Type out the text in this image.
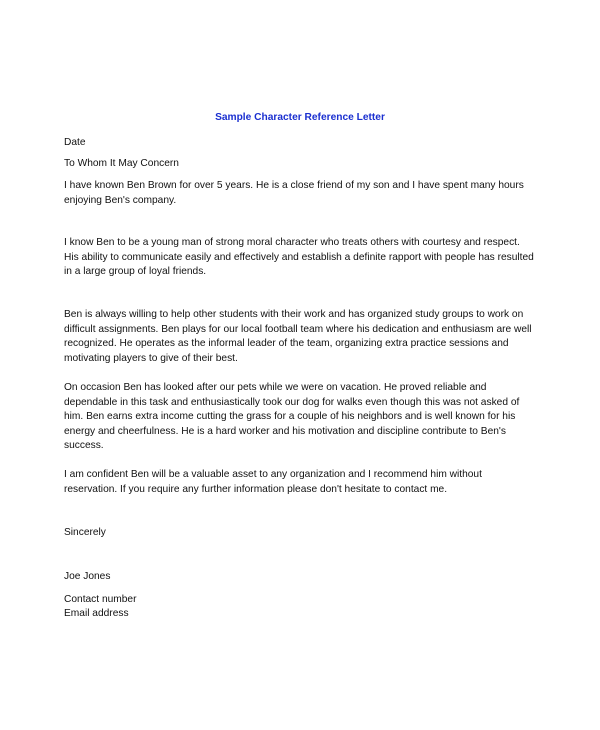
Sample Character Reference Letter
Date
To Whom It May Concern
I have known Ben Brown for over 5 years. He is a close friend of my son and I have spent many hours enjoying Ben's company.
I know Ben to be a young man of strong moral character who treats others with courtesy and respect. His ability to communicate easily and effectively and establish a definite rapport with people has resulted in a large group of loyal friends.
Ben is always willing to help other students with their work and has organized study groups to work on difficult assignments. Ben plays for our local football team where his dedication and enthusiasm are well recognized. He operates as the informal leader of the team, organizing extra practice sessions and motivating players to give of their best.
On occasion Ben has looked after our pets while we were on vacation. He proved reliable and dependable in this task and enthusiastically took our dog for walks even though this was not asked of him. Ben earns extra income cutting the grass for a couple of his neighbors and is well known for his energy and cheerfulness. He is a hard worker and his motivation and discipline contribute to Ben's success.
I am confident Ben will be a valuable asset to any organization and I recommend him without reservation. If you require any further information please don't hesitate to contact me.
Sincerely
Joe Jones
Contact number
Email address
